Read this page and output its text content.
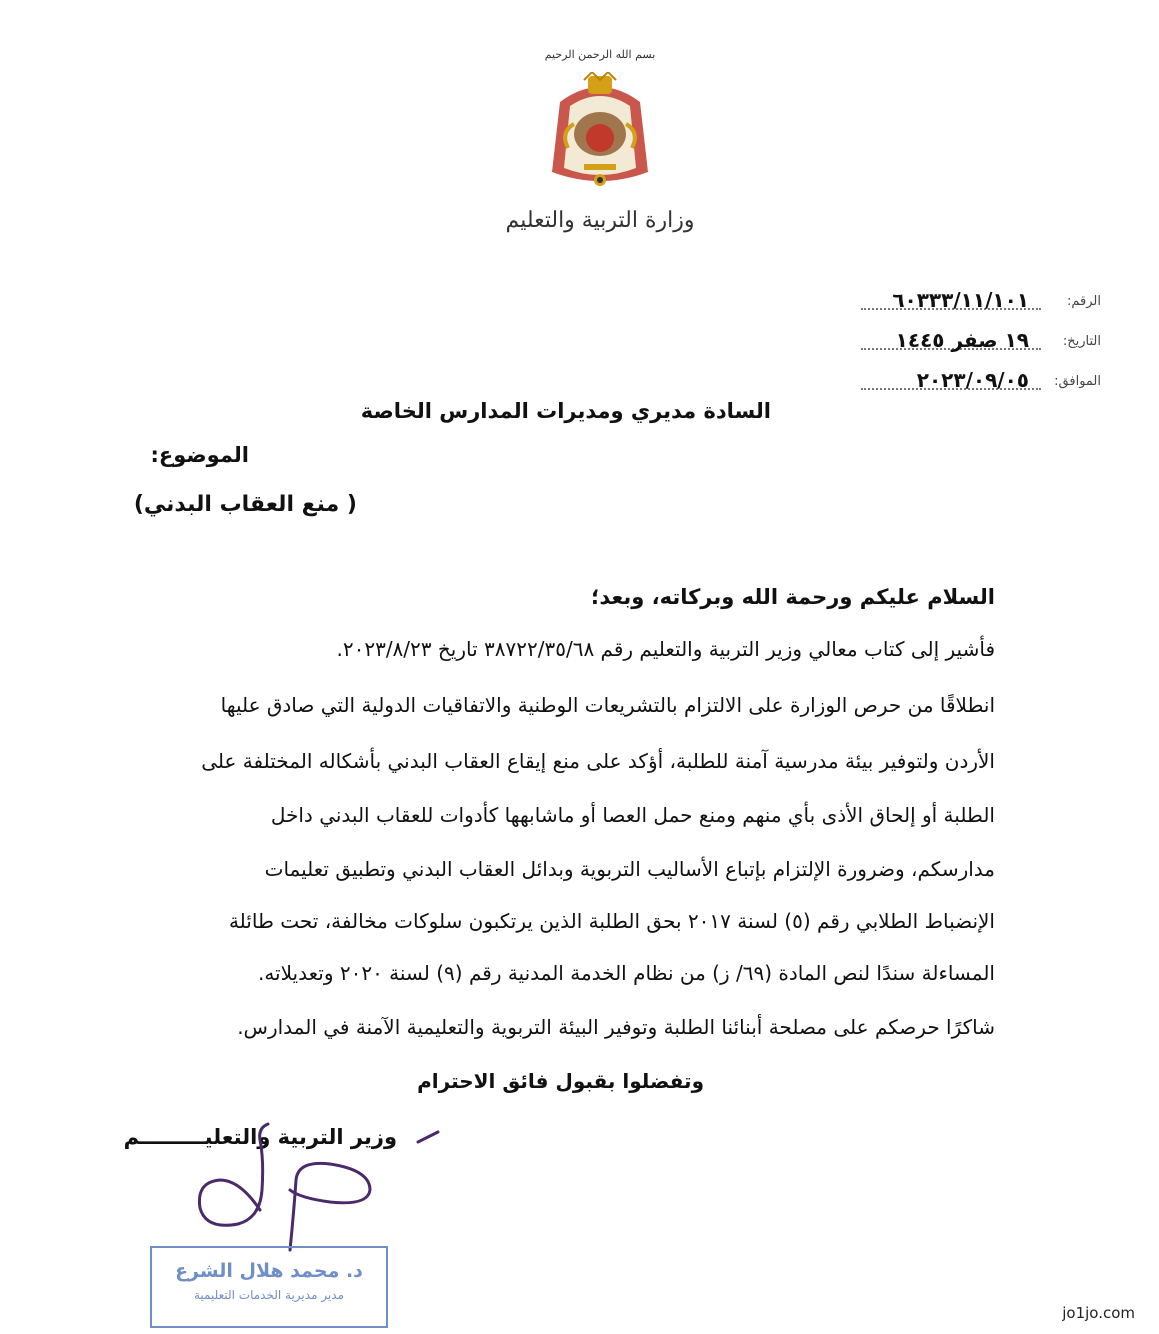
بسم الله الرحمن الرحيم
وزارة التربية والتعليم
الرقم:
٦٠٣٣٣/١١/١٠١
التاريخ:
١٩ صفر ١٤٤٥
الموافق:
٢٠٢٣/٠٩/٠٥
السادة مديري ومديرات المدارس الخاصة
الموضوع:
( منع العقاب البدني)
السلام عليكم ورحمة الله وبركاته، وبعد؛
فأشير إلى كتاب معالي وزير التربية والتعليم رقم ٣٨٧٢٢/٣٥/٦٨ تاريخ ٢٠٢٣/٨/٢٣.
انطلاقًا من حرص الوزارة على الالتزام بالتشريعات الوطنية والاتفاقيات الدولية التي صادق عليها
الأردن ولتوفير بيئة مدرسية آمنة للطلبة، أؤكد على منع إيقاع العقاب البدني بأشكاله المختلفة على
الطلبة أو إلحاق الأذى بأي منهم ومنع حمل العصا أو ماشابهها كأدوات للعقاب البدني داخل
مدارسكم، وضرورة الإلتزام بإتباع الأساليب التربوية وبدائل العقاب البدني وتطبيق تعليمات
الإنضباط الطلابي رقم (٥) لسنة ٢٠١٧ بحق الطلبة الذين يرتكبون سلوكات مخالفة، تحت طائلة
المساءلة سندًا لنص المادة (٦٩/ ز) من نظام الخدمة المدنية رقم (٩) لسنة ٢٠٢٠ وتعديلاته.
شاكرًا حرصكم على مصلحة أبنائنا الطلبة وتوفير البيئة التربوية والتعليمية الآمنة في المدارس.
وتفضلوا بقبول فائق الاحترام
وزير التربية والتعليـــــــــم
د. محمد هلال الشرع
مدير مديرية الخدمات التعليمية
jo1jo.com
